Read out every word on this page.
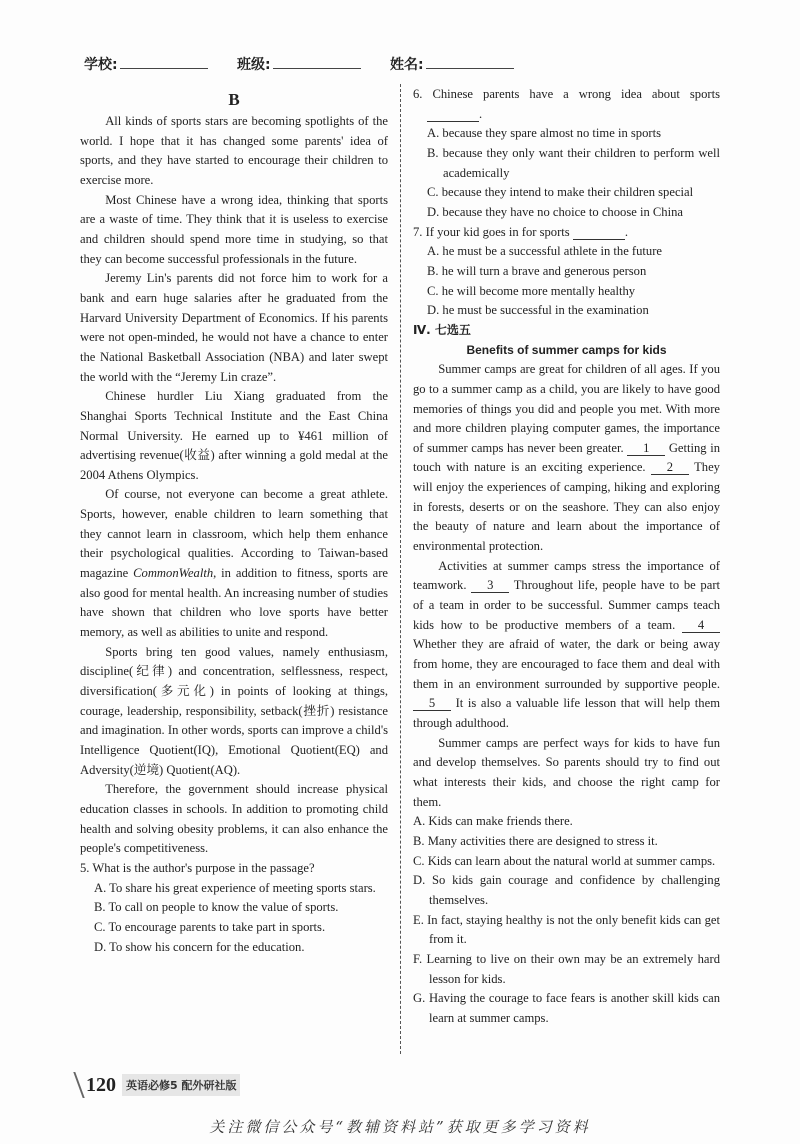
学校:	班级:	姓名:

B

All kinds of sports stars are becoming spotlights of the world. I hope that it has changed some parents' idea of sports, and they have started to encourage their children to exercise more.

Most Chinese have a wrong idea, thinking that sports are a waste of time. They think that it is useless to exercise and children should spend more time in studying, so that they can become successful professionals in the future.

Jeremy Lin's parents did not force him to work for a bank and earn huge salaries after he graduated from the Harvard University Department of Economics. If his parents were not open-minded, he would not have a chance to enter the National Basketball Association (NBA) and later swept the world with the “Jeremy Lin craze”.

Chinese hurdler Liu Xiang graduated from the Shanghai Sports Technical Institute and the East China Normal University. He earned up to ¥461 million of advertising revenue(收益) after winning a gold medal at the 2004 Athens Olympics.

Of course, not everyone can become a great athlete. Sports, however, enable children to learn something that they cannot learn in classroom, which help them enhance their psychological qualities. According to Taiwan-based magazine CommonWealth, in addition to fitness, sports are also good for mental health. An increasing number of studies have shown that children who love sports have better memory, as well as abilities to unite and respond.

Sports bring ten good values, namely enthusiasm, discipline(纪律) and concentration, selflessness, respect, diversification(多元化) in points of looking at things, courage, leadership, responsibility, setback(挫折) resistance and imagination. In other words, sports can improve a child's Intelligence Quotient(IQ), Emotional Quotient(EQ) and Adversity(逆境) Quotient(AQ).

Therefore, the government should increase physical education classes in schools. In addition to promoting child health and solving obesity problems, it can also enhance the people's competitiveness.

5. What is the author's purpose in the passage?

A. To share his great experience of meeting sports stars.

B. To call on people to know the value of sports.

C. To encourage parents to take part in sports.

D. To show his concern for the education.

6. Chinese parents have a wrong idea about sports  .

A. because they spare almost no time in sports

B. because they only want their children to perform well academically

C. because they intend to make their children special

D. because they have no choice to choose in China

7. If your kid goes in for sports	.

A. he must be a successful athlete in the future

B. he will turn a brave and generous person

C. he will become more mentally healthy

D. he must be successful in the examination

Ⅳ. 七选五

Benefits of summer camps for kids

Summer camps are great for children of all ages. If you go to a summer camp as a child, you are likely to have good memories of things you did and people you met. With more and more children playing computer games, the importance of summer camps has never been greater. 1 Getting in touch with nature is an exciting experience. 2 They will enjoy the experiences of camping, hiking and exploring in forests, deserts or on the seashore. They can also enjoy the beauty of nature and learn about the importance of environmental protection.

Activities at summer camps stress the importance of teamwork. 3 Throughout life, people have to be part of a team in order to be successful. Summer camps teach kids how to be productive members of a team. 4 Whether they are afraid of water, the dark or being away from home, they are encouraged to face them and deal with them in an environment surrounded by supportive people. 5 It is also a valuable life lesson that will help them through adulthood.

Summer camps are perfect ways for kids to have fun and develop themselves. So parents should try to find out what interests their kids, and choose the right camp for them.

A. Kids can make friends there.

B. Many activities there are designed to stress it.

C. Kids can learn about the natural world at summer camps.

D. So kids gain courage and confidence by challenging themselves.

E. In fact, staying healthy is not the only benefit kids can get from it.

F. Learning to live on their own may be an extremely hard lesson for kids.

G. Having the courage to face fears is another skill kids can learn at summer camps.

120 英语必修5 配外研社版
关注微信公众号“教辅资料站”获取更多学习资料
